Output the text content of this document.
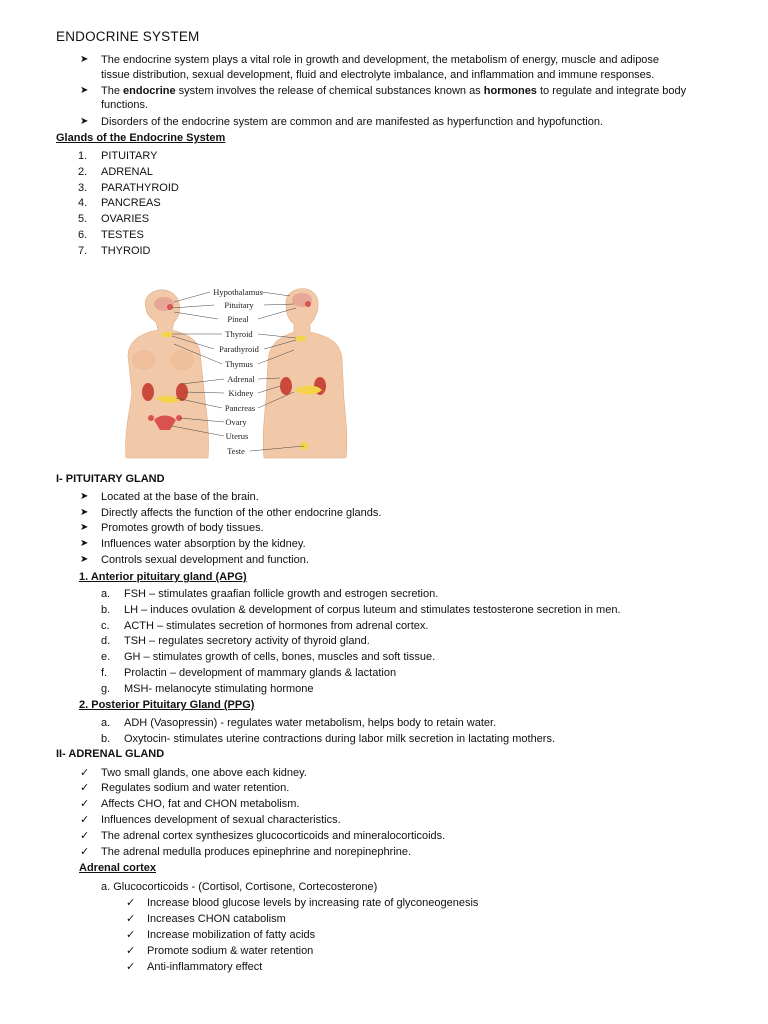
ENDOCRINE SYSTEM
➤ The endocrine system plays a vital role in growth and development, the metabolism of energy, muscle and adipose
tissue distribution, sexual development, fluid and electrolyte imbalance, and inflammation and immune responses.
➤ The endocrine system involves the release of chemical substances known as hormones to regulate and integrate body
functions.
➤ Disorders of the endocrine system are common and are manifested as hyperfunction and hypofunction.
Glands of the Endocrine System
1. PITUITARY
2. ADRENAL
3. PARATHYROID
4. PANCREAS
5. OVARIES
6. TESTES
7. THYROID
Hypothalamus
Pituitary
Pineal
Thyroid
Parathyroid
Thymus
Adrenal
Kidney
Pancreas
Ovary
Uterus
Teste
I- PITUITARY GLAND
➤ Located at the base of the brain.
➤ Directly affects the function of the other endocrine glands.
➤ Promotes growth of body tissues.
➤ Influences water absorption by the kidney.
➤ Controls sexual development and function.
1. Anterior pituitary gland (APG)
a. FSH – stimulates graafian follicle growth and estrogen secretion.
b. LH – induces ovulation & development of corpus luteum and stimulates testosterone secretion in men.
c. ACTH – stimulates secretion of hormones from adrenal cortex.
d. TSH – regulates secretory activity of thyroid gland.
e. GH – stimulates growth of cells, bones, muscles and soft tissue.
f. Prolactin – development of mammary glands & lactation
g. MSH- melanocyte stimulating hormone
2. Posterior Pituitary Gland (PPG)
a. ADH (Vasopressin) - regulates water metabolism, helps body to retain water.
b. Oxytocin- stimulates uterine contractions during labor milk secretion in lactating mothers.
II- ADRENAL GLAND
✓ Two small glands, one above each kidney.
✓ Regulates sodium and water retention.
✓ Affects CHO, fat and CHON metabolism.
✓ Influences development of sexual characteristics.
✓ The adrenal cortex synthesizes glucocorticoids and mineralocorticoids.
✓ The adrenal medulla produces epinephrine and norepinephrine.
Adrenal cortex
a. Glucocorticoids - (Cortisol, Cortisone, Cortecosterone)
✓ Increase blood glucose levels by increasing rate of glyconeogenesis
✓ Increases CHON catabolism
✓ Increase mobilization of fatty acids
✓ Promote sodium & water retention
✓ Anti-inflammatory effect
